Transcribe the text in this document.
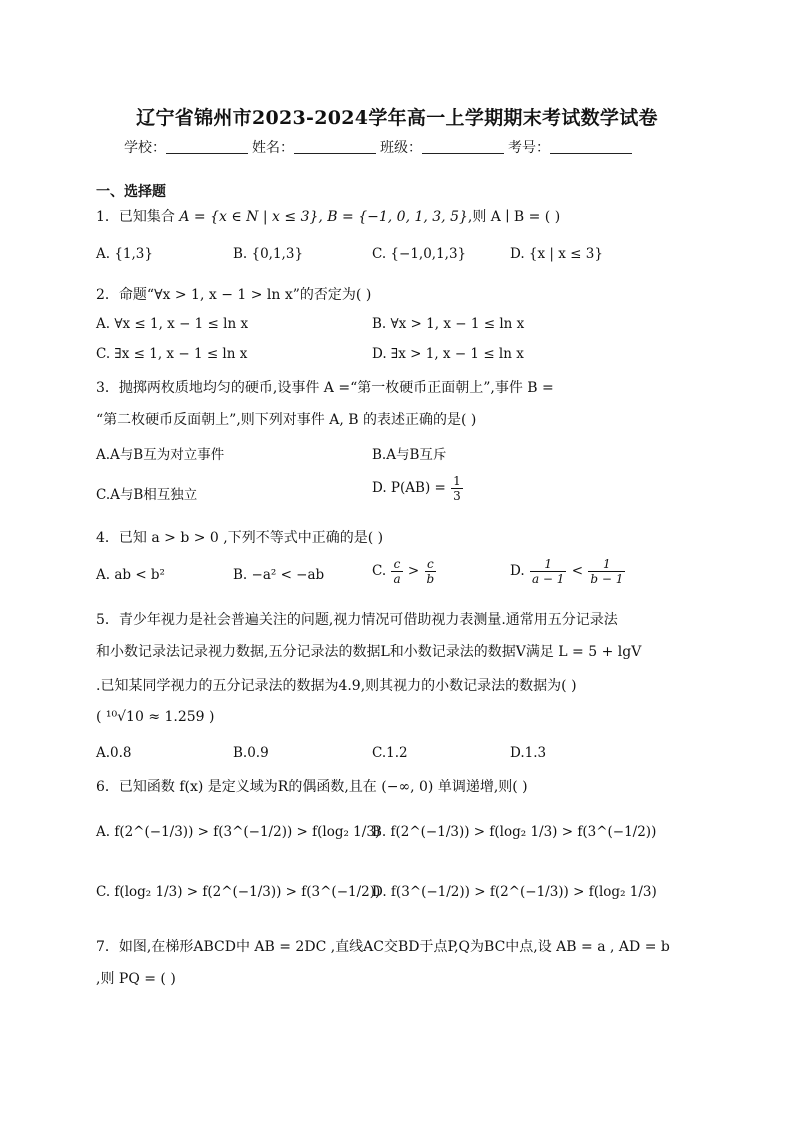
辽宁省锦州市2023-2024学年高一上学期期末考试数学试卷
学校：	姓名：	班级：	考号：
一、选择题
1．已知集合 A = {x ∈ N | x ≤ 3}, B = {−1, 0, 1, 3, 5},则 A ∣ B = ( )
A. {1,3}	B. {0,1,3}	C. {−1,0,1,3}	D. {x | x ≤ 3}
2．命题“∀x > 1, x − 1 > ln x”的否定为( )
A. ∀x ≤ 1, x − 1 ≤ ln x	B. ∀x > 1, x − 1 ≤ ln x
C. ∃x ≤ 1, x − 1 ≤ ln x	D. ∃x > 1, x − 1 ≤ ln x
3．抛掷两枚质地均匀的硬币,设事件 A =“第一枚硬币正面朝上”,事件 B =
“第二枚硬币反面朝上”,则下列对事件 A, B 的表述正确的是( )
A.A与B互为对立事件	B.A与B互斥
C.A与B相互独立	D. $P(AB) = \frac{1}{3}$
4．已知 a > b > 0 ,下列不等式中正确的是( )
A. ab < b²	B. −a² < −ab	C. $\frac{c}{a} > \frac{c}{b}$	D. $\frac{1}{a - 1} < \frac{1}{b - 1}$
5．青少年视力是社会普遍关注的问题,视力情况可借助视力表测量.通常用五分记录法
和小数记录法记录视力数据,五分记录法的数据L和小数记录法的数据V满足 L = 5 + lgV
.已知某同学视力的五分记录法的数据为4.9,则其视力的小数记录法的数据为( )
( ¹⁰√10 ≈ 1.259 )
A.0.8	B.0.9	C.1.2	D.1.3
6．已知函数 f(x) 是定义域为R的偶函数,且在 (−∞, 0) 单调递增,则( )
A. f(2^(−1/3)) > f(3^(−1/2)) > f(log₂ 1/3)
B. f(2^(−1/3)) > f(log₂ 1/3) > f(3^(−1/2))
C. f(log₂ 1/3) > f(2^(−1/3)) > f(3^(−1/2))
D. f(3^(−1/2)) > f(2^(−1/3)) > f(log₂ 1/3)
7．如图,在梯形ABCD中 AB = 2DC ,直线AC交BD于点P,Q为BC中点,设 AB = a , AD = b
,则 PQ = ( )
